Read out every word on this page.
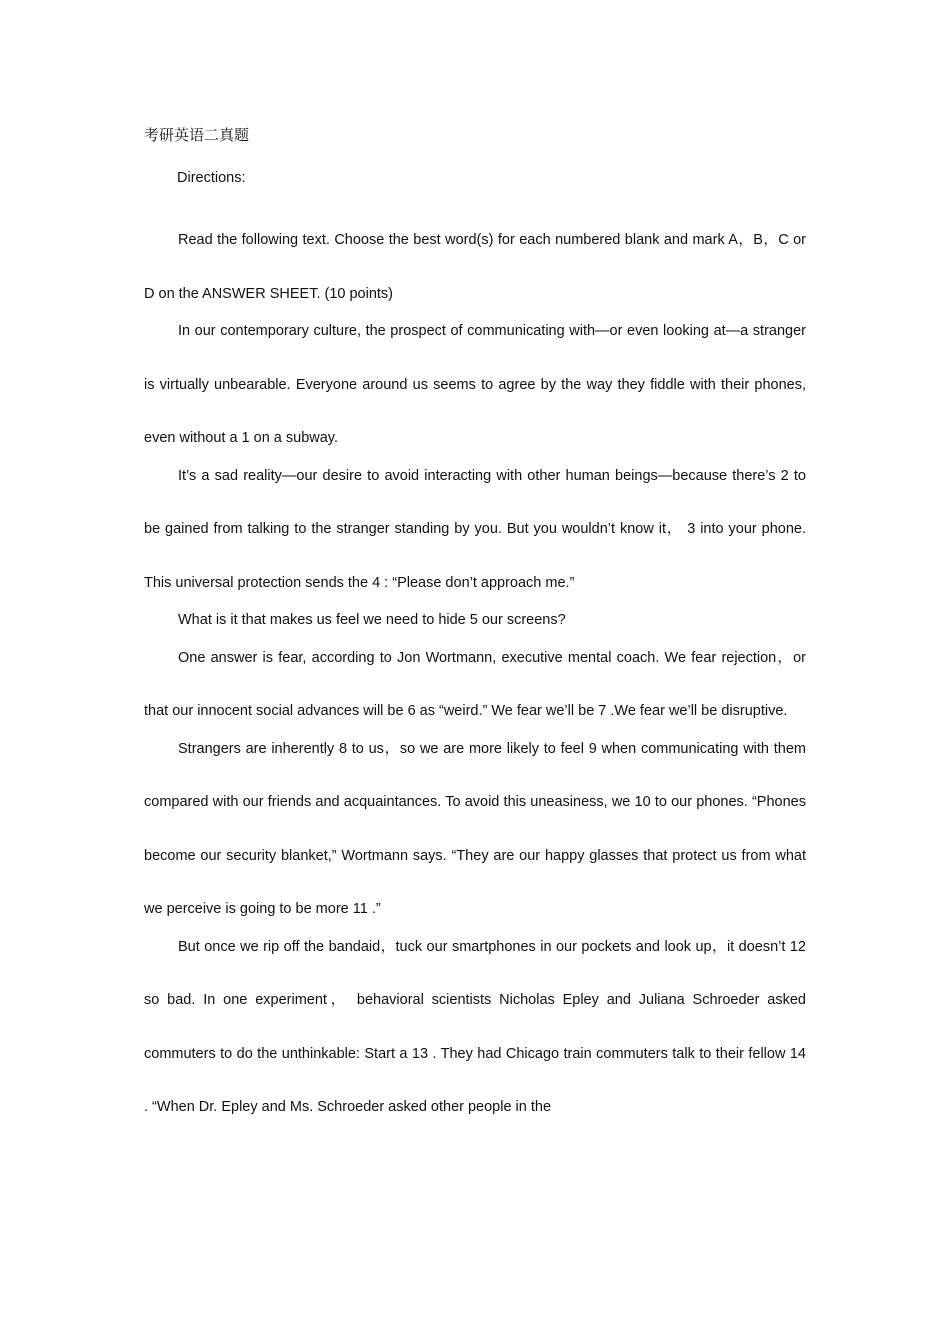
考研英语二真题
Directions:

Read the following text. Choose the best word(s) for each numbered blank and mark A，B，C or D on the ANSWER SHEET. (10 points)

In our contemporary culture, the prospect of communicating with—or even looking at—a stranger is virtually unbearable. Everyone around us seems to agree by the way they fiddle with their phones, even without a 1 on a subway.

It’s a sad reality—our desire to avoid interacting with other human beings—because there’s 2 to be gained from talking to the stranger standing by you. But you wouldn’t know it， 3 into your phone. This universal protection sends the 4 : “Please don’t approach me.”

What is it that makes us feel we need to hide 5 our screens?

One answer is fear, according to Jon Wortmann, executive mental coach. We fear rejection，or that our innocent social advances will be 6 as “weird.” We fear we’ll be 7 .We fear we’ll be disruptive.

Strangers are inherently 8 to us，so we are more likely to feel 9 when communicating with them compared with our friends and acquaintances. To avoid this uneasiness, we 10 to our phones. “Phones become our security blanket,” Wortmann says. “They are our happy glasses that protect us from what we perceive is going to be more 11 .”

But once we rip off the bandaid，tuck our smartphones in our pockets and look up，it doesn’t 12 so bad. In one experiment， behavioral scientists Nicholas Epley and Juliana Schroeder asked commuters to do the unthinkable: Start a 13 . They had Chicago train commuters talk to their fellow 14 . “When Dr. Epley and Ms. Schroeder asked other people in the
